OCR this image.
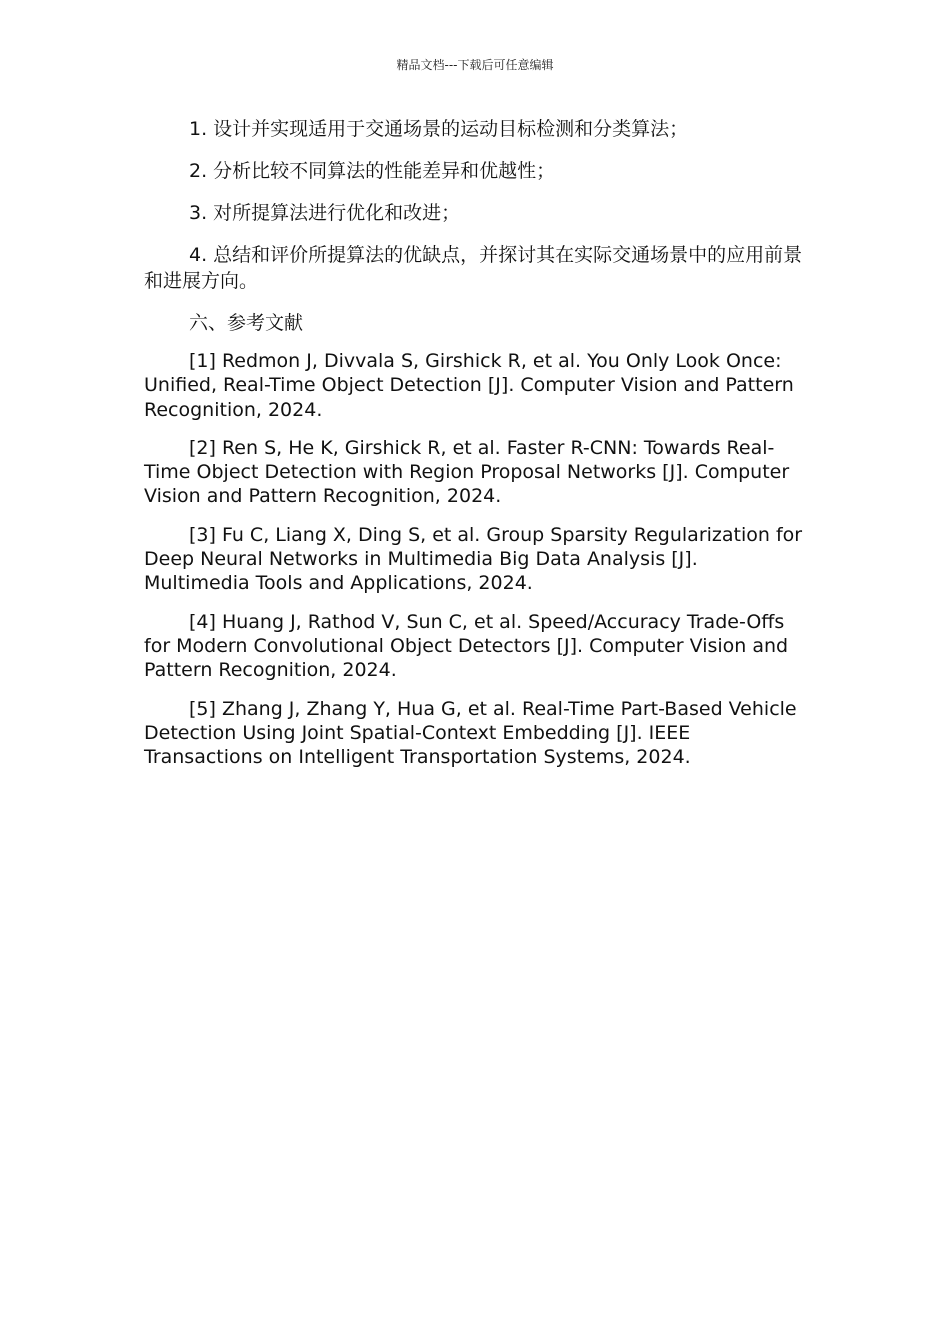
精品文档---下载后可任意编辑

1. 设计并实现适用于交通场景的运动目标检测和分类算法；

2. 分析比较不同算法的性能差异和优越性；

3. 对所提算法进行优化和改进；

4. 总结和评价所提算法的优缺点，并探讨其在实际交通场景中的应用前景和进展方向。

六、参考文献

[1] Redmon J, Divvala S, Girshick R, et al. You Only Look Once: Unified, Real-Time Object Detection [J]. Computer Vision and Pattern Recognition, 2024.

[2] Ren S, He K, Girshick R, et al. Faster R-CNN: Towards Real-Time Object Detection with Region Proposal Networks [J]. Computer Vision and Pattern Recognition, 2024.

[3] Fu C, Liang X, Ding S, et al. Group Sparsity Regularization for Deep Neural Networks in Multimedia Big Data Analysis [J]. Multimedia Tools and Applications, 2024.

[4] Huang J, Rathod V, Sun C, et al. Speed/Accuracy Trade-Offs for Modern Convolutional Object Detectors [J]. Computer Vision and Pattern Recognition, 2024.

[5] Zhang J, Zhang Y, Hua G, et al. Real-Time Part-Based Vehicle Detection Using Joint Spatial-Context Embedding [J]. IEEE Transactions on Intelligent Transportation Systems, 2024.
